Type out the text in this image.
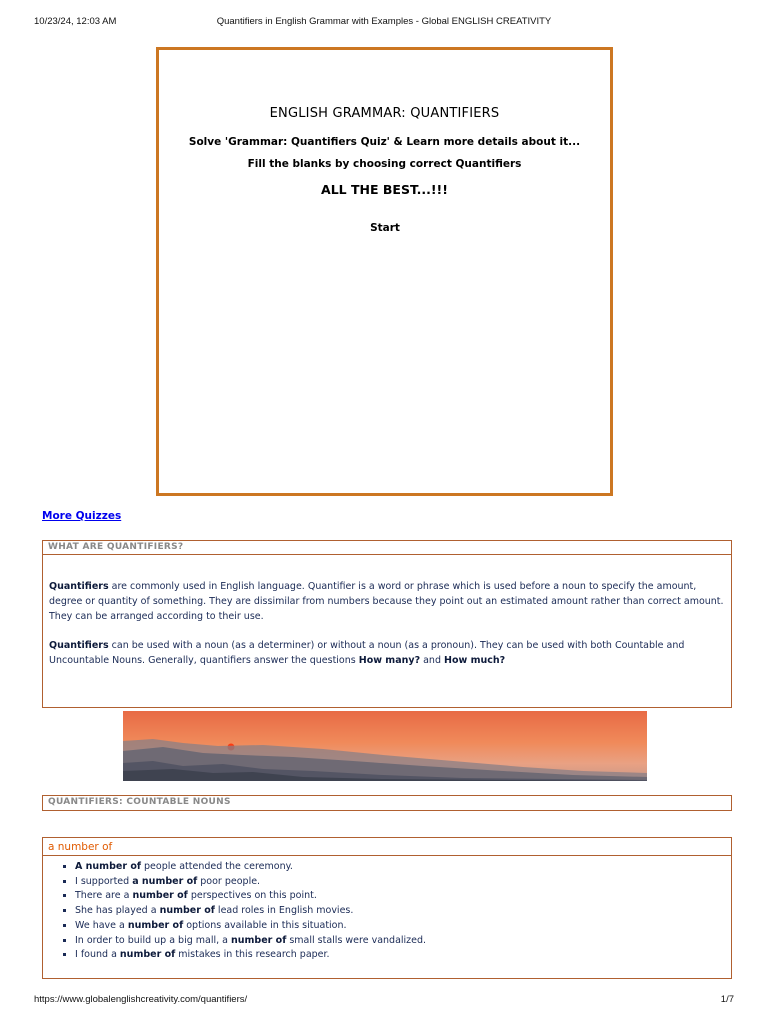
10/23/24, 12:03 AM	Quantifiers in English Grammar with Examples - Global ENGLISH CREATIVITY
ENGLISH GRAMMAR: QUANTIFIERS
Solve 'Grammar: Quantifiers Quiz' & Learn more details about it...
Fill the blanks by choosing correct Quantifiers
ALL THE BEST...!!!
Start
More Quizzes
WHAT ARE QUANTIFIERS?

Quantifiers are commonly used in English language. Quantifier is a word or phrase which is used before a noun to specify the amount, degree or quantity of something. They are dissimilar from numbers because they point out an estimated amount rather than correct amount. They can be arranged according to their use.

Quantifiers can be used with a noun (as a determiner) or without a noun (as a pronoun). They can be used with both Countable and Uncountable Nouns. Generally, quantifiers answer the questions How many? and How much?

QUANTIFIERS: COUNTABLE NOUNS
a number of
▪ A number of people attended the ceremony.
▪ I supported a number of poor people.
▪ There are a number of perspectives on this point.
▪ She has played a number of lead roles in English movies.
▪ We have a number of options available in this situation.
▪ In order to build up a big mall, a number of small stalls were vandalized.
▪ I found a number of mistakes in this research paper.
https://www.globalenglishcreativity.com/quantifiers/	1/7
